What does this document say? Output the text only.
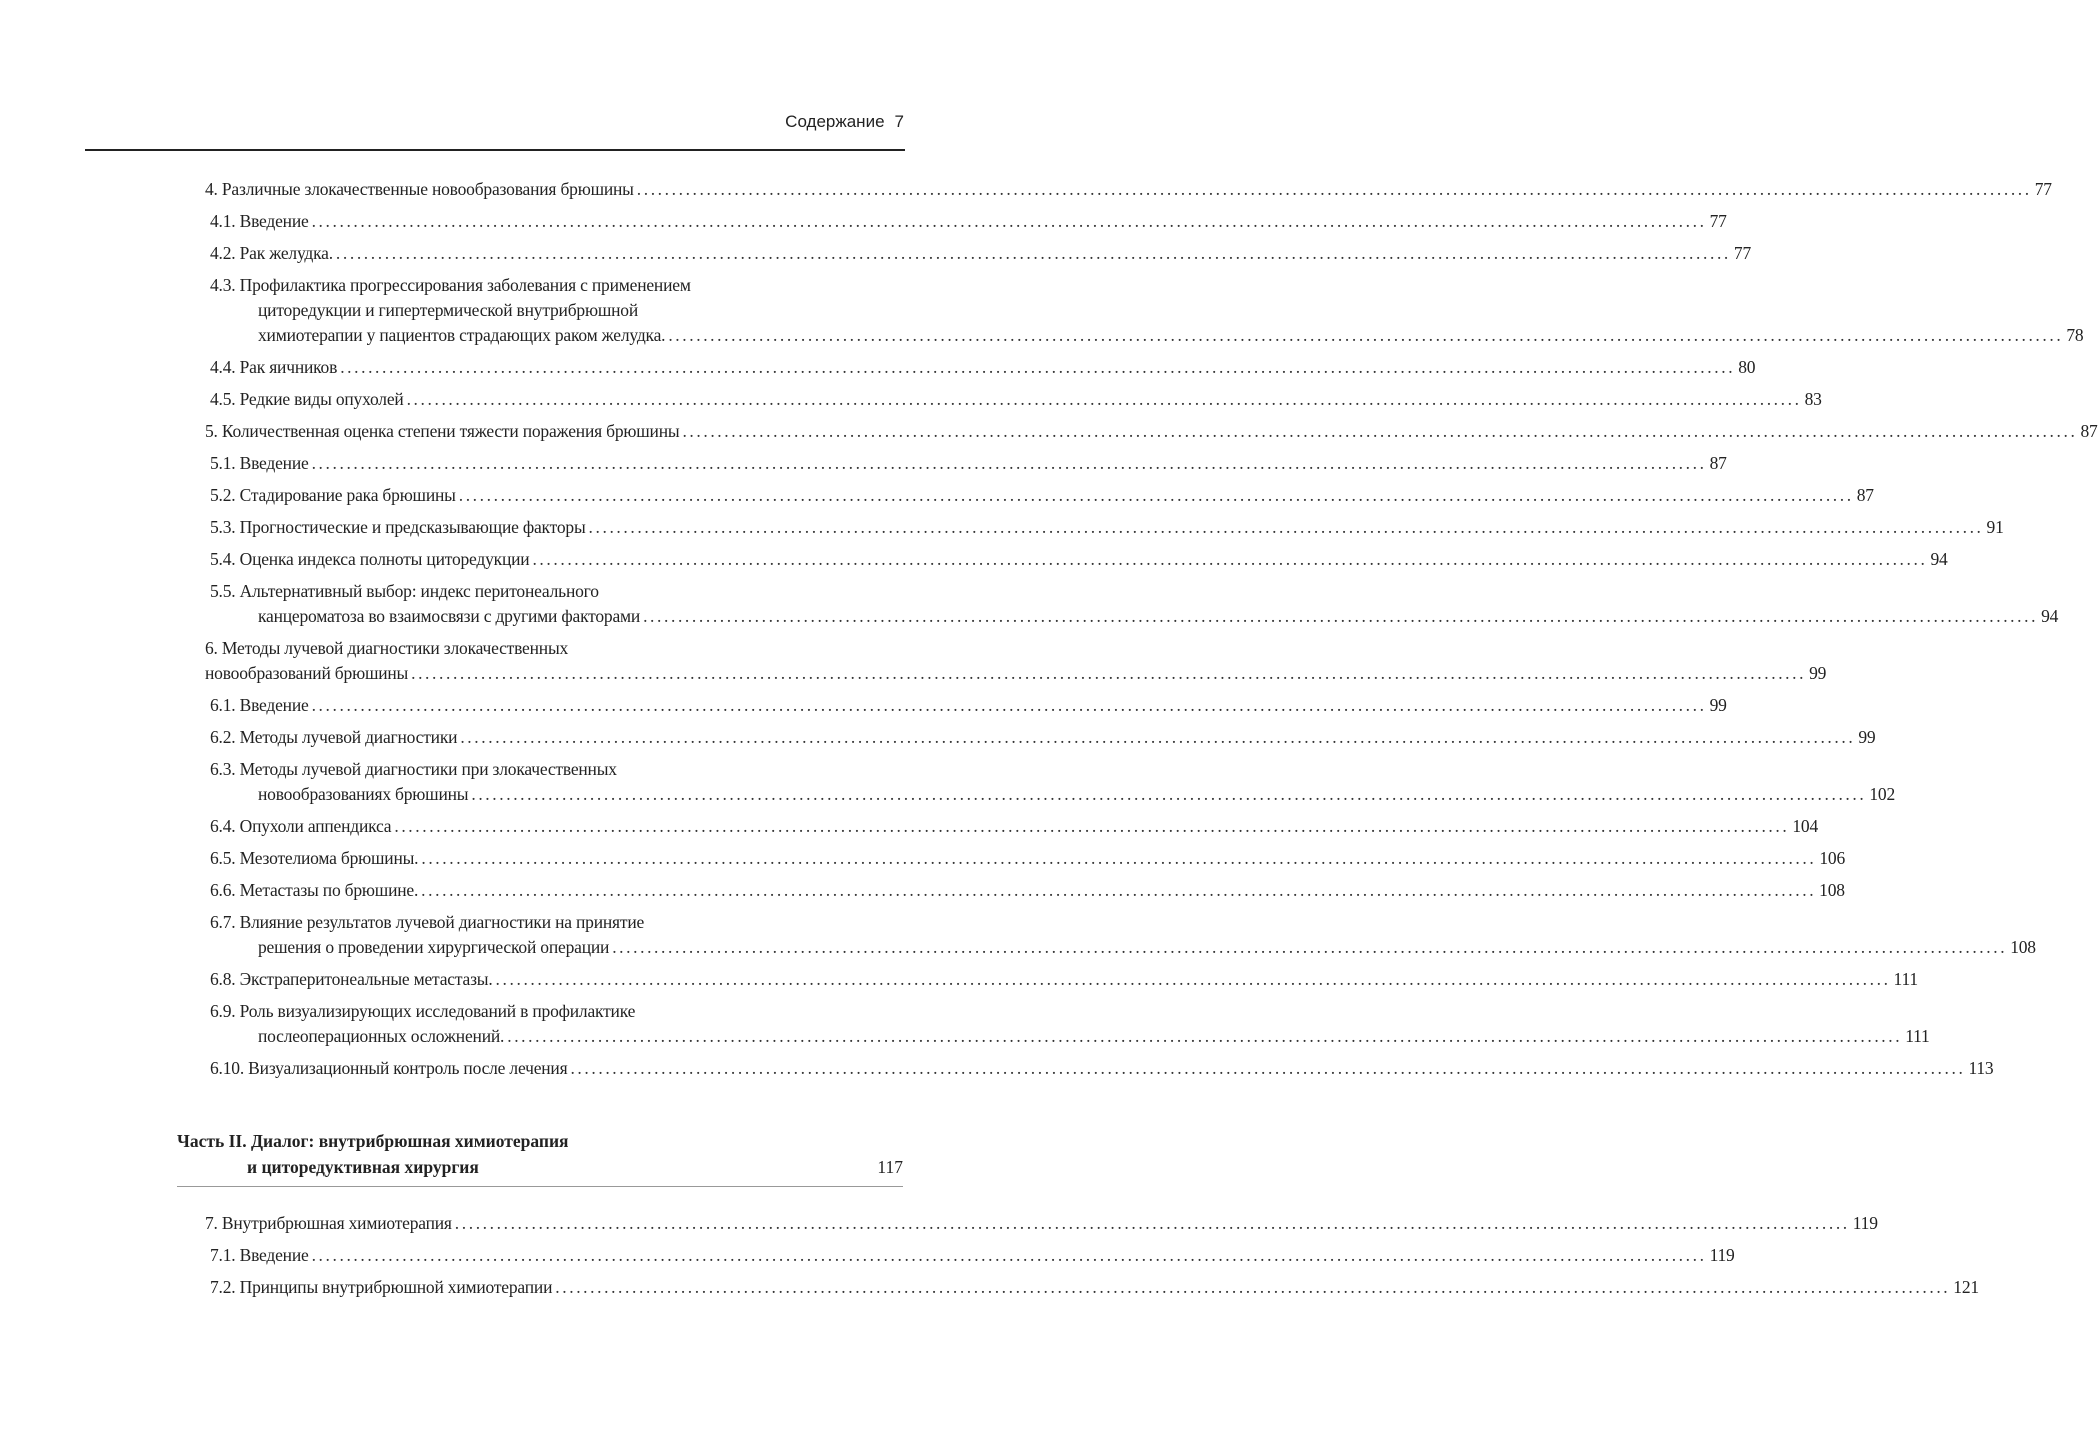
Содержание 7
4. Различные злокачественные новообразования брюшины ........................................................................................................................................................................................................ 77
4.1. Введение ........................................................................................................................................................................................................ 77
4.2. Рак желудка. ........................................................................................................................................................................................................ 77
4.3. Профилактика прогрессирования заболевания с применением
циторедукции и гипертермической внутрибрюшной
химиотерапии у пациентов страдающих раком желудка. ........................................................................................................................................................................................................ 78
4.4. Рак яичников ........................................................................................................................................................................................................ 80
4.5. Редкие виды опухолей ........................................................................................................................................................................................................ 83
5. Количественная оценка степени тяжести поражения брюшины ........................................................................................................................................................................................................ 87
5.1. Введение ........................................................................................................................................................................................................ 87
5.2. Стадирование рака брюшины ........................................................................................................................................................................................................ 87
5.3. Прогностические и предсказывающие факторы ........................................................................................................................................................................................................ 91
5.4. Оценка индекса полноты циторедукции ........................................................................................................................................................................................................ 94
5.5. Альтернативный выбор: индекс перитонеального
канцероматоза во взаимосвязи с другими факторами ........................................................................................................................................................................................................ 94
6. Методы лучевой диагностики злокачественных
новообразований брюшины ........................................................................................................................................................................................................ 99
6.1. Введение ........................................................................................................................................................................................................ 99
6.2. Методы лучевой диагностики ........................................................................................................................................................................................................ 99
6.3. Методы лучевой диагностики при злокачественных
новообразованиях брюшины ........................................................................................................................................................................................................ 102
6.4. Опухоли аппендикса ........................................................................................................................................................................................................ 104
6.5. Мезотелиома брюшины. ........................................................................................................................................................................................................ 106
6.6. Метастазы по брюшине. ........................................................................................................................................................................................................ 108
6.7. Влияние результатов лучевой диагностики на принятие
решения о проведении хирургической операции ........................................................................................................................................................................................................ 108
6.8. Экстраперитонеальные метастазы. ........................................................................................................................................................................................................ 111
6.9. Роль визуализирующих исследований в профилактике
послеоперационных осложнений. ........................................................................................................................................................................................................ 111
6.10. Визуализационный контроль после лечения ........................................................................................................................................................................................................ 113
Часть II. Диалог: внутрибрюшная химиотерапия
и циторедуктивная хирургия	117
7. Внутрибрюшная химиотерапия ........................................................................................................................................................................................................ 119
7.1. Введение ........................................................................................................................................................................................................ 119
7.2. Принципы внутрибрюшной химиотерапии ........................................................................................................................................................................................................ 121
